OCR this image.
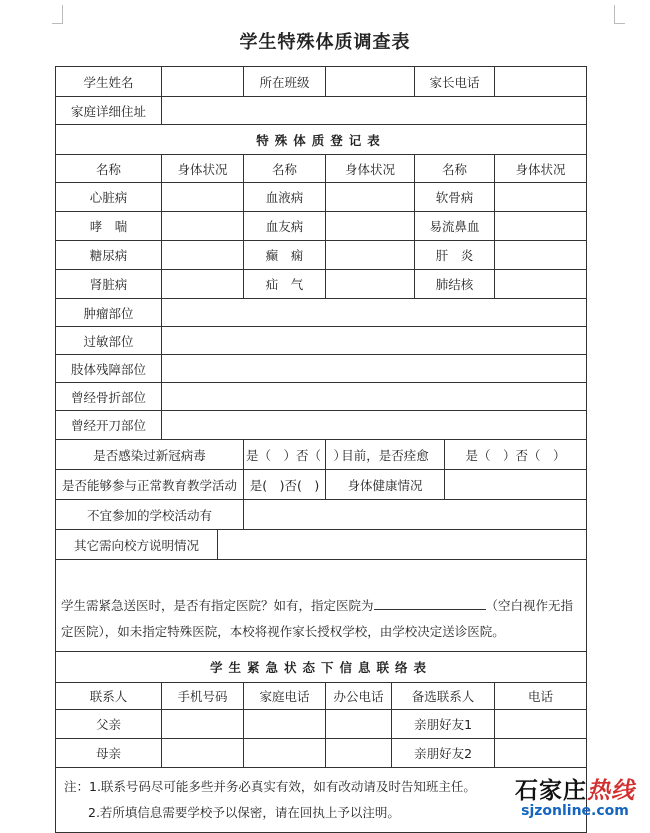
学生特殊体质调查表
学生姓名			所在班级			家长电话		
家庭详细住址								
特殊体质登记表								
名称	身体状况		名称	身体状况		名称		身体状况
心脏病			血液病			软骨病		
哮　喘			血友病			易流鼻血		
糖尿病			癫　痫			肝　炎		
肾脏病			疝　气			肺结核		
肿瘤部位								
过敏部位								
肢体残障部位								
曾经骨折部位								
曾经开刀部位								
是否感染过新冠病毒			是（　）否（　）	目前，是否痊愈			是（　）否（　）	
是否能够参与正常教育教学活动			是(　)否(　)	身体健康情况				
不宜参加的学校活动有								
其它需向校方说明情况								

学生需紧急送医时，是否有指定医院？如有，指定医院为 （空白视作无指定医院），如未指定特殊医院，本校将视作家长授权学校，由学校决定送诊医院。								
学生紧急状态下信息联络表								
联系人	手机号码		家庭电话	办公电话	备选联系人			电话
父亲					亲朋好友1			
母亲					亲朋好友2			

注：1.联系号码尽可能多些并务必真实有效，如有改动请及时告知班主任。
2.若所填信息需要学校予以保密，请在回执上予以注明。								
石家庄热线
sjzonline.com
